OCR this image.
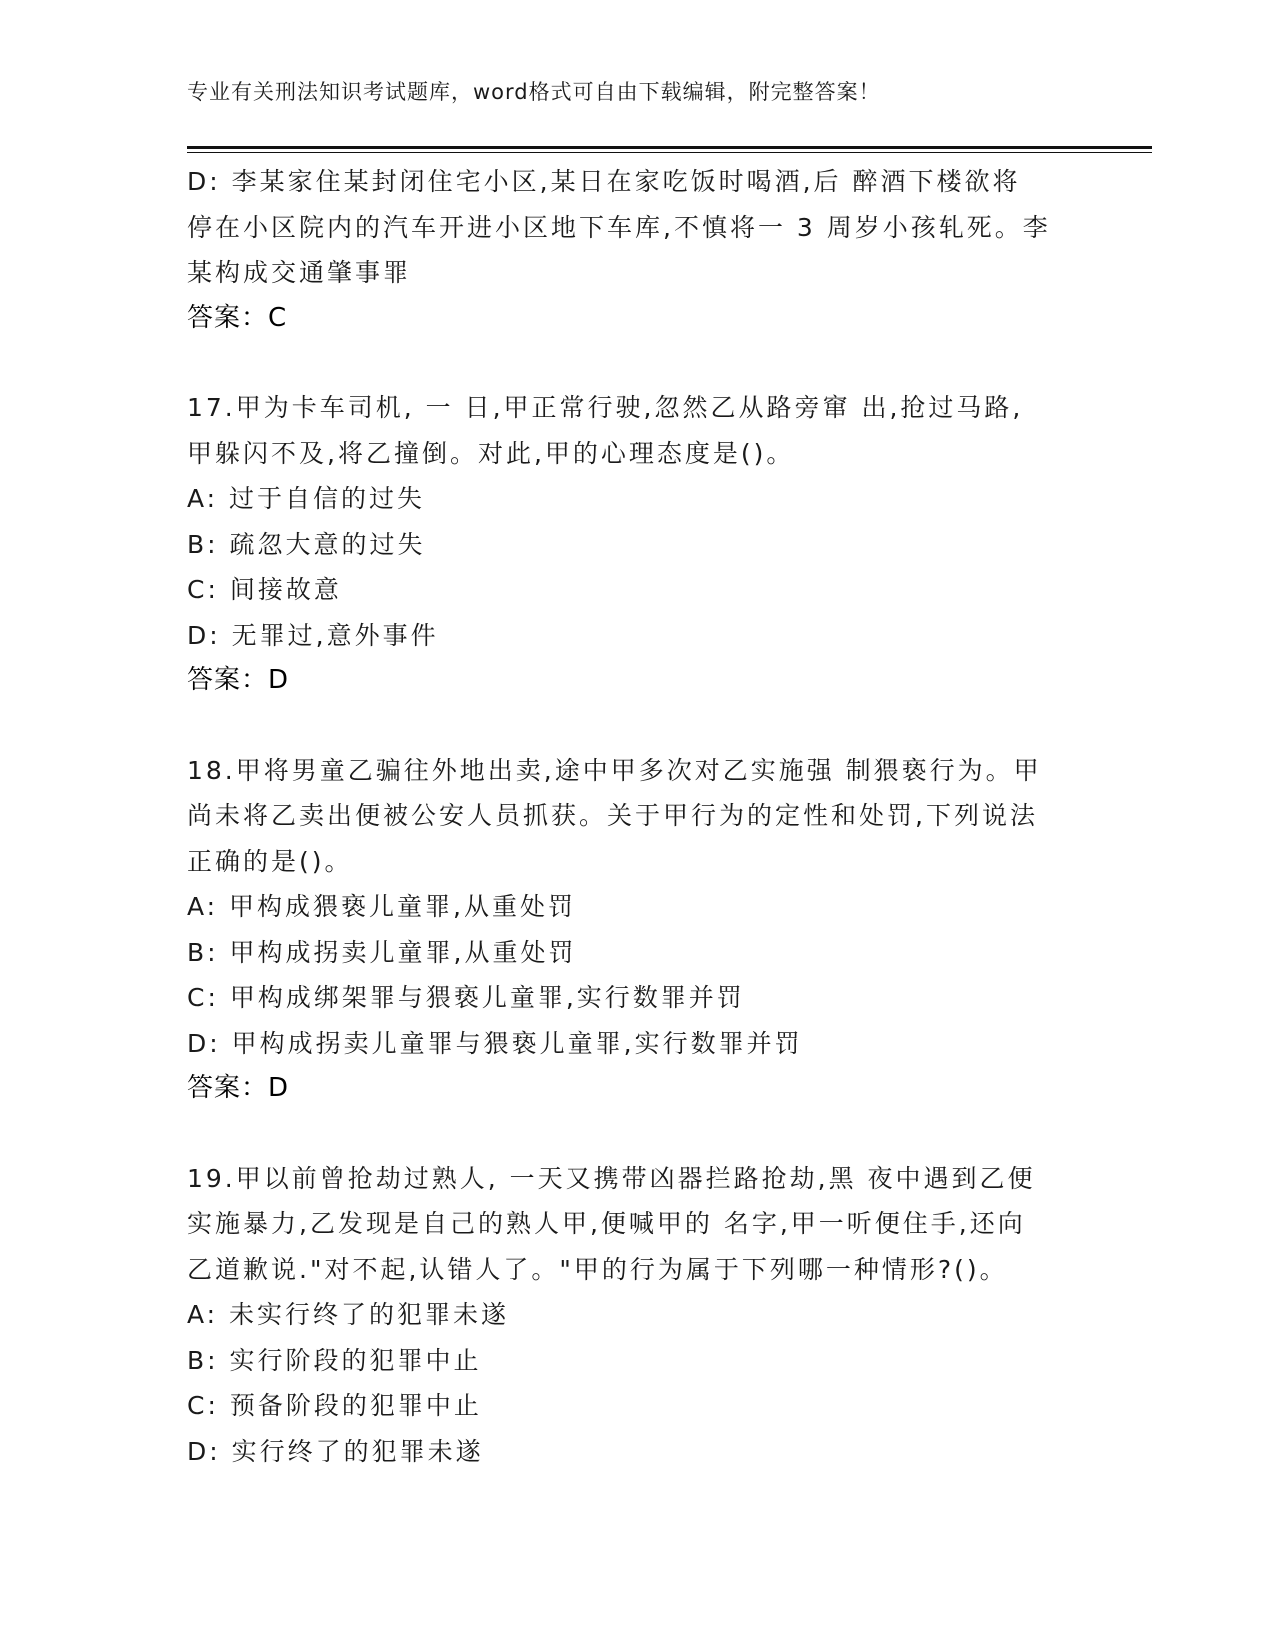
专业有关刑法知识考试题库，word格式可自由下载编辑，附完整答案！
D: 李某家住某封闭住宅小区,某日在家吃饭时喝酒,后 醉酒下楼欲将
停在小区院内的汽车开进小区地下车库,不慎将一 3 周岁小孩轧死。李
某构成交通肇事罪
答案：C
17.甲为卡车司机, 一 日,甲正常行驶,忽然乙从路旁窜 出,抢过马路,
甲躲闪不及,将乙撞倒。对此,甲的心理态度是()。
A: 过于自信的过失
B: 疏忽大意的过失
C: 间接故意
D: 无罪过,意外事件
答案：D
18.甲将男童乙骗往外地出卖,途中甲多次对乙实施强 制猥亵行为。甲
尚未将乙卖出便被公安人员抓获。关于甲行为的定性和处罚,下列说法
正确的是()。
A: 甲构成猥亵儿童罪,从重处罚
B: 甲构成拐卖儿童罪,从重处罚
C: 甲构成绑架罪与猥亵儿童罪,实行数罪并罚
D: 甲构成拐卖儿童罪与猥亵儿童罪,实行数罪并罚
答案：D
19.甲以前曾抢劫过熟人, 一天又携带凶器拦路抢劫,黑 夜中遇到乙便
实施暴力,乙发现是自己的熟人甲,便喊甲的 名字,甲一听便住手,还向
乙道歉说."对不起,认错人了。"甲的行为属于下列哪一种情形?()。
A: 未实行终了的犯罪未遂
B: 实行阶段的犯罪中止
C: 预备阶段的犯罪中止
D: 实行终了的犯罪未遂
